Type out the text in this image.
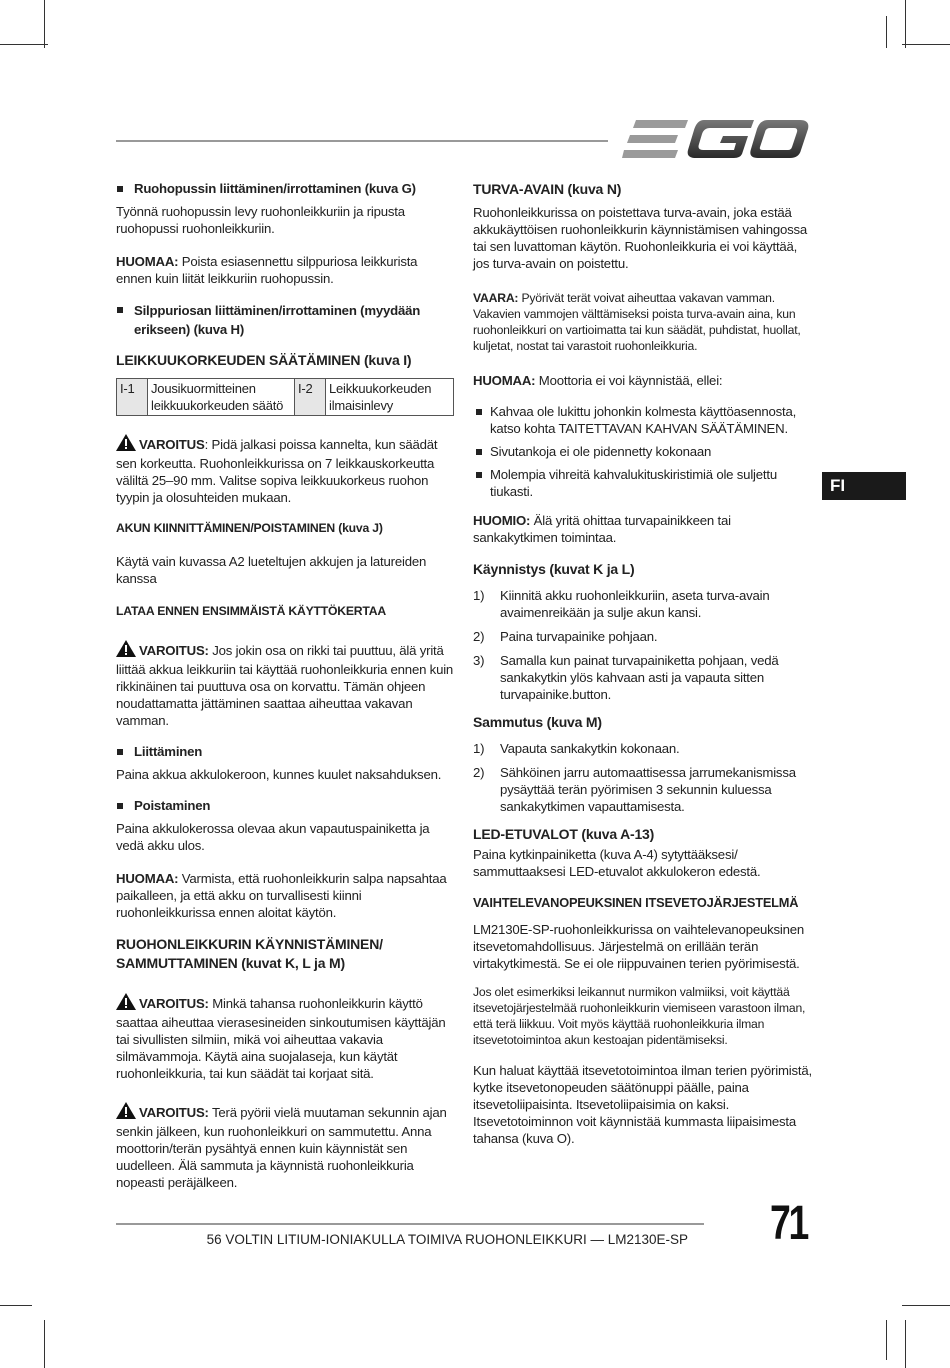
Ruohopussin liittäminen/irrottaminen (kuva G)

Työnnä ruohopussin levy ruohonleikkuriin ja ripusta ruohopussi ruohonleikkuriin.

HUOMAA: Poista esiasennettu silppuriosa leikkurista ennen kuin liität leikkuriin ruohopussin.

Silppuriosan liittäminen/irrottaminen (myydään erikseen) (kuva H)
LEIKKUUKORKEUDEN SÄÄTÄMINEN (kuva I)
I-1	Jousikuormitteinen leikkuukorkeuden säätö	I-2	Leikkuukorkeuden ilmaisinlevy

VAROITUS: Pidä jalkasi poissa kannelta, kun säädät sen korkeutta. Ruohonleikkurissa on 7 leikkauskorkeutta väliltä 25–90 mm. Valitse sopiva leikkuukorkeus ruohon tyypin ja olosuhteiden mukaan.

AKUN KIINNITTÄMINEN/POISTAMINEN (kuva J)

Käytä vain kuvassa A2 lueteltujen akkujen ja latureiden kanssa

LATAA ENNEN ENSIMMÄISTÄ KÄYTTÖKERTAA

VAROITUS: Jos jokin osa on rikki tai puuttuu, älä yritä liittää akkua leikkuriin tai käyttää ruohonleikkuria ennen kuin rikkinäinen tai puuttuva osa on korvattu. Tämän ohjeen noudattamatta jättäminen saattaa aiheuttaa vakavan vamman.

Liittäminen

Paina akkua akkulokeroon, kunnes kuulet naksahduksen.

Poistaminen

Paina akkulokerossa olevaa akun vapautuspainiketta ja vedä akku ulos.

HUOMAA: Varmista, että ruohonleikkurin salpa napsahtaa paikalleen, ja että akku on turvallisesti kiinni ruohonleikkurissa ennen aloitat käytön.

RUOHONLEIKKURIN KÄYNNISTÄMINEN/ SAMMUTTAMINEN (kuvat K, L ja M)

VAROITUS: Minkä tahansa ruohonleikkurin käyttö saattaa aiheuttaa vierasesineiden sinkoutumisen käyttäjän tai sivullisten silmiin, mikä voi aiheuttaa vakavia silmävammoja. Käytä aina suojalaseja, kun käytät ruohonleikkuria, tai kun säädät tai korjaat sitä.

VAROITUS: Terä pyörii vielä muutaman sekunnin ajan senkin jälkeen, kun ruohonleikkuri on sammutettu. Anna moottorin/terän pysähtyä ennen kuin käynnistät sen uudelleen. Älä sammuta ja käynnistä ruohonleikkuria nopeasti peräjälkeen.

TURVA-AVAIN (kuva N)

Ruohonleikkurissa on poistettava turva-avain, joka estää akkukäyttöisen ruohonleikkurin käynnistämisen vahingossa tai sen luvattoman käytön. Ruohonleikkuria ei voi käyttää, jos turva-avain on poistettu.

VAARA: Pyörivät terät voivat aiheuttaa vakavan vamman. Vakavien vammojen välttämiseksi poista turva-avain aina, kun ruohonleikkuri on vartioimatta tai kun säädät, puhdistat, huollat, kuljetat, nostat tai varastoit ruohonleikkuria.

HUOMAA: Moottoria ei voi käynnistää, ellei:

Kahvaa ole lukittu johonkin kolmesta käyttöasennosta, katso kohta TAITETTAVAN KAHVAN SÄÄTÄMINEN.
Sivutankoja ei ole pidennetty kokonaan
Molempia vihreitä kahvalukituskiristimiä ole suljettu tiukasti.

HUOMIO: Älä yritä ohittaa turvapainikkeen tai sankakytkimen toimintaa.

Käynnistys (kuvat K ja L)
1) Kiinnitä akku ruohonleikkuriin, aseta turva-avain avaimenreikään ja sulje akun kansi.
2) Paina turvapainike pohjaan.
3) Samalla kun painat turvapainiketta pohjaan, vedä sankakytkin ylös kahvaan asti ja vapauta sitten turvapainike.button.
Sammutus (kuva M)
1) Vapauta sankakytkin kokonaan.
2) Sähköinen jarru automaattisessa jarrumekanismissa pysäyttää terän pyörimisen 3 sekunnin kuluessa sankakytkimen vapauttamisesta.
LED-ETUVALOT (kuva A-13)

Paina kytkinpainiketta (kuva A-4) sytyttääksesi/ sammuttaaksesi LED-etuvalot akkulokeron edestä.

VAIHTELEVANOPEUKSINEN ITSEVETOJÄRJESTELMÄ

LM2130E-SP-ruohonleikkurissa on vaihtelevanopeuksinen itsevetomahdollisuus. Järjestelmä on erillään terän virtakytkimestä. Se ei ole riippuvainen terien pyörimisestä.

Jos olet esimerkiksi leikannut nurmikon valmiiksi, voit käyttää itsevetojärjestelmää ruohonleikkurin viemiseen varastoon ilman, että terä liikkuu. Voit myös käyttää ruohonleikkuria ilman itsevetotoimintoa akun kestoajan pidentämiseksi.

Kun haluat käyttää itsevetotoimintoa ilman terien pyörimistä, kytke itsevetonopeuden säätönuppi päälle, paina itsevetoliipaisinta. Itsevetoliipaisimia on kaksi. Itsevetotoiminnon voit käynnistää kummasta liipaisimesta tahansa (kuva O).

FI
56 VOLTIN LITIUM-IONIAKULLA TOIMIVA RUOHONLEIKKURI — LM2130E-SP 71
